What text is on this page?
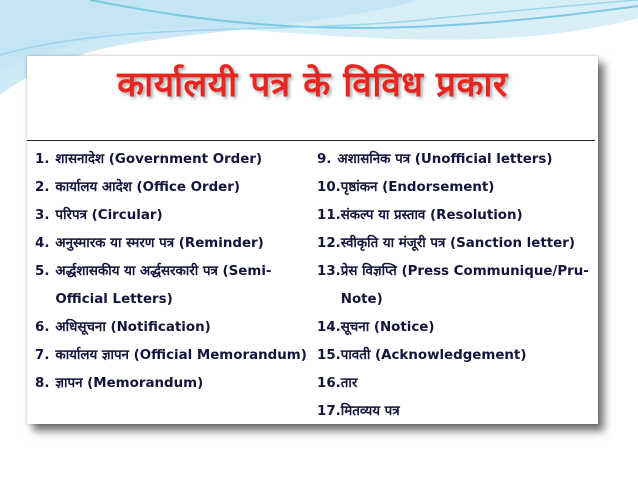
कार्यालयी पत्र के विविध प्रकार
1. शासनादेश (Government Order)
2. कार्यालय आदेश (Office Order)
3. परिपत्र (Circular)
4. अनुस्मारक या स्मरण पत्र (Reminder)
5. अर्द्धशासकीय या अर्द्धसरकारी पत्र (Semi-Official Letters)
6. अधिसूचना (Notification)
7. कार्यालय ज्ञापन (Official Memorandum)
8. ज्ञापन (Memorandum)
9. अशासनिक पत्र (Unofficial letters)
10. पृष्ठांकन (Endorsement)
11. संकल्प या प्रस्ताव (Resolution)
12. स्वीकृति या मंजूरी पत्र (Sanction letter)
13. प्रेस विज्ञप्ति (Press Communique/Pru-Note)
14. सूचना (Notice)
15. पावती (Acknowledgement)
16. तार
17. मितव्यय पत्र
